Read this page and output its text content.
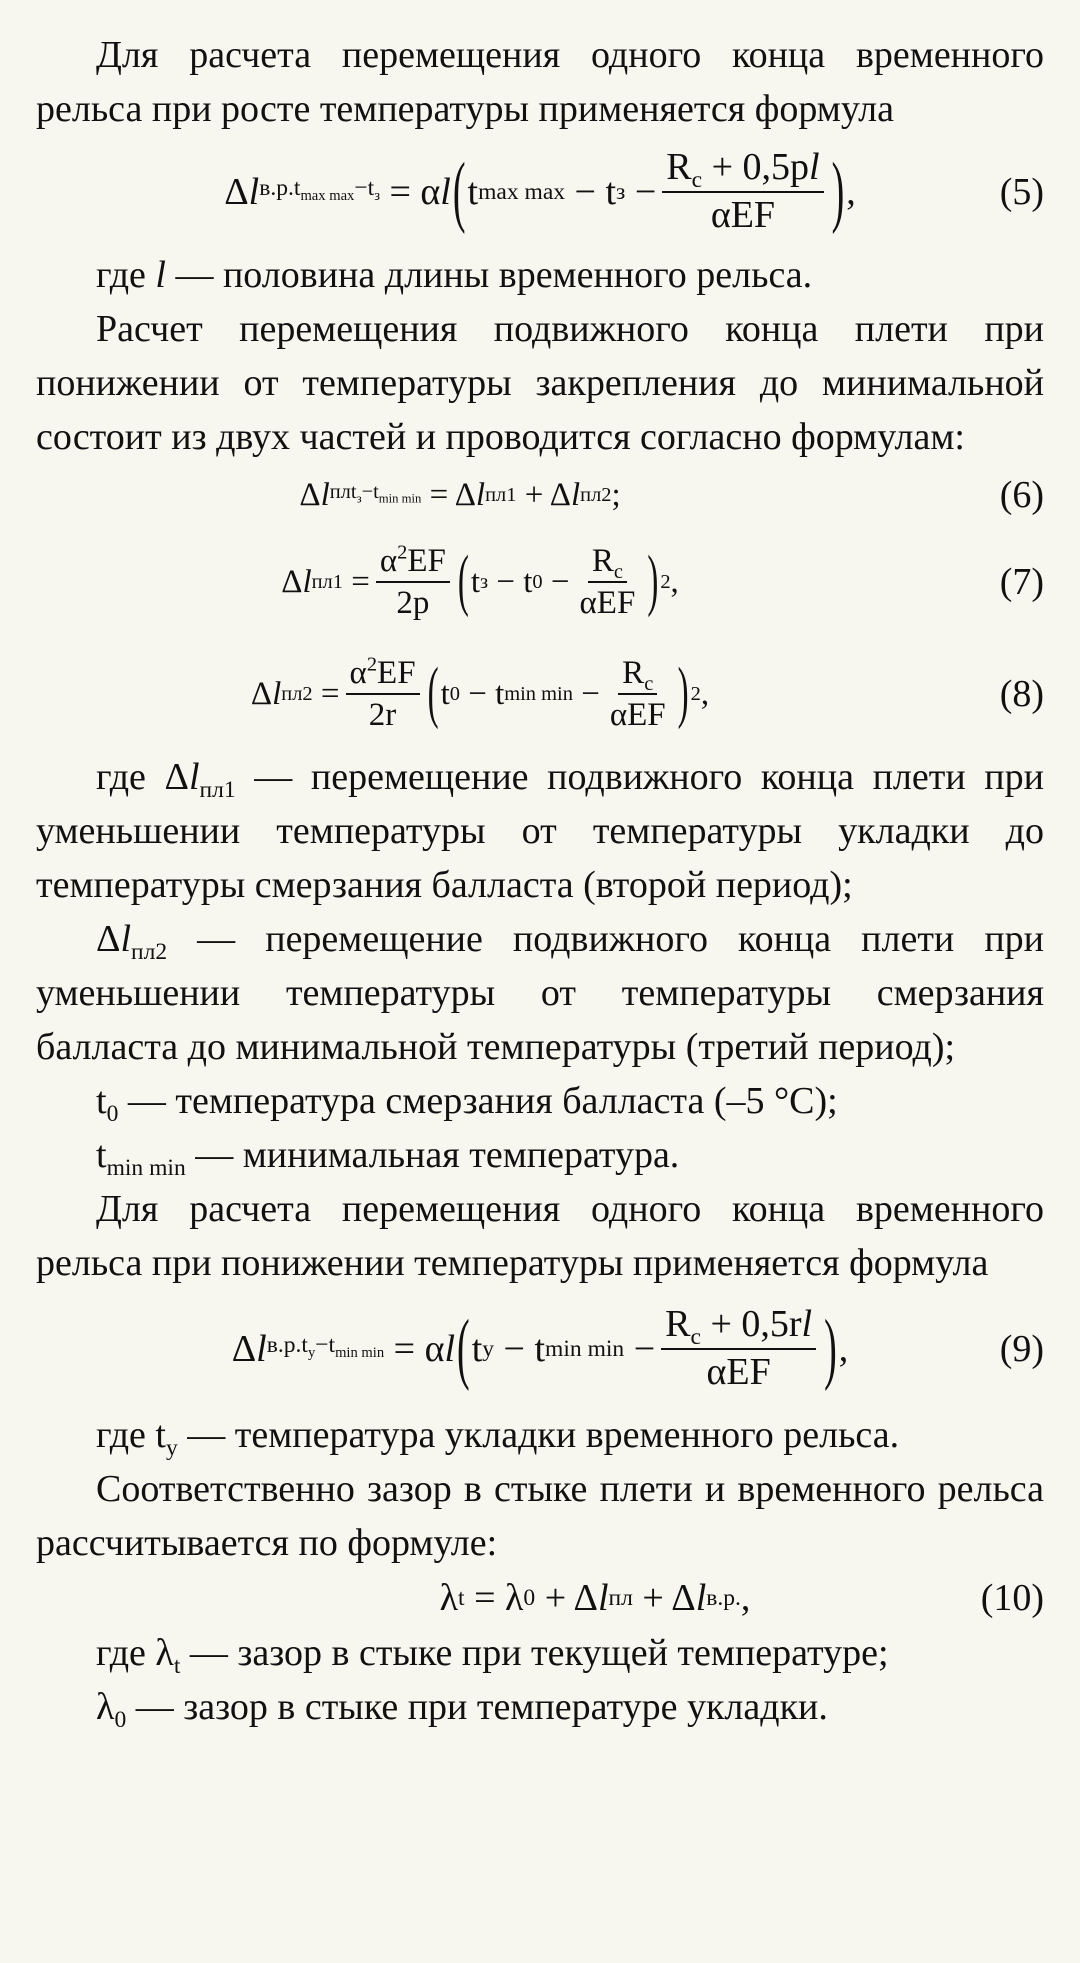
Для расчета перемещения одного конца временного рельса при росте температуры применяется формула

Δ l $в.р.t_{max max}-t_з = \alpha$ l ( t max max − t $з - \frac{R_c + 0,5pl}{\text{αEF}}$ ) ,	(5)

где l — половина длины временного рельса.

Расчет перемещения подвижного конца плети при понижении от температуры закрепления до минимальной состоит из двух частей и проводится согласно формулам:

Δ l $плt_з-t_{min min} = \Delta$ l пл1 + Δ l пл2 ;	(6)
Δ l $пл1 = \frac{\alpha^2EF}{2p}$ ( t з − t $0 - \frac{R_c}{\text{αEF}}$ ) 2 ,	(7)
Δ l $пл2 = \frac{\alpha^2EF}{2r}$ ( t 0 − t $\min \min - \frac{R_c}{\text{αEF}}$ ) 2 ,	(8)

где $\Delta l_{пл1}$ — перемещение подвижного конца плети при уменьшении температуры от температуры укладки до температуры смерзания балласта (второй период);

$\Delta l_{пл2}$ — перемещение подвижного конца плети при уменьшении температуры от температуры смерзания балласта до минимальной температуры (третий период);

$t_0$ — температура смерзания балласта (–5 °C);

$t_{min min}$ — минимальная температура.

Для расчета перемещения одного конца временного рельса при понижении температуры применяется формула

Δ l $в.р.t_у-t_{min min} = \alpha$ l ( t у − t $\min \min - \frac{R_c + 0,5rl}{\text{αEF}}$ ) ,	(9)

где $t_у$ — температура укладки временного рельса.

Соответственно зазор в стыке плети и временного рельса рассчитывается по формуле:

λ t = λ 0 + Δ l пл + Δ l в.р. ,	(10)

где $\lambda_t$ — зазор в стыке при текущей температуре;

$\lambda_0$ — зазор в стыке при температуре укладки.
